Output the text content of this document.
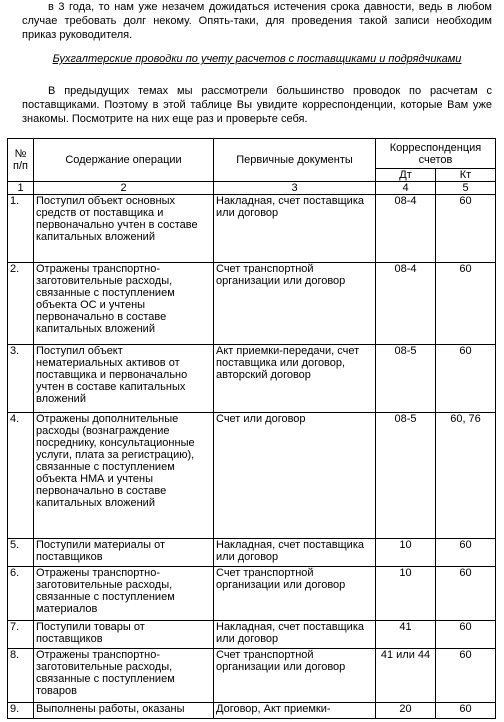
в 3 года, то нам уже незачем дожидаться истечения срока давности, ведь в любом случае требовать долг некому. Опять-таки, для проведения такой записи необходим приказ руководителя.
Бухгалтерские проводки по учету расчетов с поставщиками и подрядчиками
В предыдущих темах мы рассмотрели большинство проводок по расчетам с поставщиками. Поэтому в этой таблице Вы увидите корреспонденции, которые Вам уже знакомы. Посмотрите на них еще раз и проверьте себя.
№ п/п	Содержание операции	Первичные документы	Корреспонденция счетов	
			Дт	Кт
1	2	3	4	5
1.	Поступил объект основных средств от поставщика и первоначально учтен в составе капитальных вложений	Накладная, счет поставщика или договор	08-4	60
2.	Отражены транспортно-заготовительные расходы, связанные с поступлением объекта ОС и учтены первоначально в составе капитальных вложений	Счет транспортной организации или договор	08-4	60
3.	Поступил объект нематериальных активов от поставщика и первоначально учтен в составе капитальных вложений	Акт приемки-передачи, счет поставщика или договор, авторский договор	08-5	60
4.	Отражены дополнительные расходы (вознаграждение посреднику, консультационные услуги, плата за регистрацию), связанные с поступлением объекта НМА и учтены первоначально в составе капитальных вложений	Счет или договор	08-5	60, 76
5.	Поступили материалы от поставщиков	Накладная, счет поставщика или договор	10	60
6.	Отражены транспортно-заготовительные расходы, связанные с поступлением материалов	Счет транспортной организации или договор	10	60
7.	Поступили товары от поставщиков	Накладная, счет поставщика или договор	41	60
8.	Отражены транспортно-заготовительные расходы, связанные с поступлением товаров	Счет транспортной организации или договор	41 или 44	60
9.	Выполнены работы, оказаны	Договор, Акт приемки-	20	60
